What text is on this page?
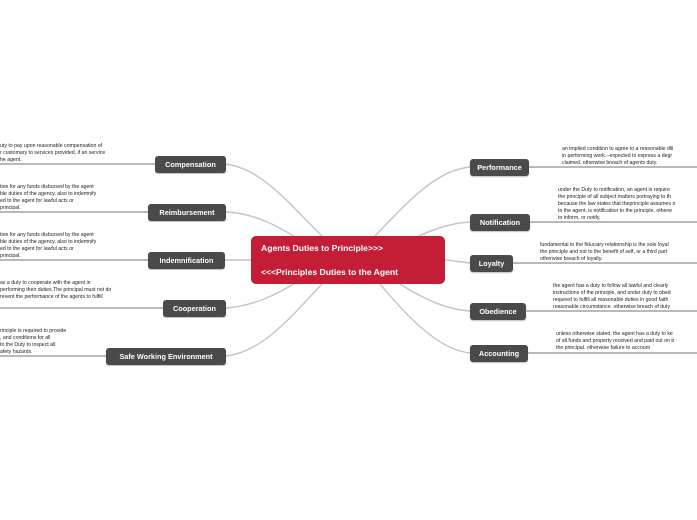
Agents Duties to Principle>>>
<<<Principles Duties to the Agent
Compensation
Reimbursement
Indemnification
Cooperation
Safe Working Environment
uty to pay upon reasonable compensation of
r customary to services provided, if an service
he agent.
tion for any funds disbursed by the agent
ble duties of the agency. also to indemnify
ed to the agent for lawful acts or
principal.
tion for any funds disbursed by the agent
ble duties of the agency. also to indemnify
ed to the agent for lawful acts or
principal.
as a duty to cooperate with the agent in
performing their duties.The principal must not do
revent the performance of the agents to fulfill
rinciple is required to provide
, and conditions for all
to the Duty to inspect all
afety hazards.
Performance
Notification
Loyalty
Obedience
Accounting
an implied condition to agree to a reasonable dili
in performing work.--expected to express a degr
claimed. otherwise breach of agents duty.
under the Duty to notification, an agent is require
the principle of all subject matters portraying to th
because the law states that theprinciple assumes n
to the agent, is notification to the principle. otherw
to inform, or notify,
fundamental to the fiduciary relationship is the sole loyal
the principle and not to the benefit of self, or a third part
otherwise breach of loyalty.
the agent has a duty to follow all lawful and clearly
instructions of the principle, and under duty to obed
required to fulfill all reasonable duties in good faith
reasonable circumstance. otherwise breach of duty
unless otherwise stated, the agent has a duty to ke
of all funds and property received and paid out on b
the principal. otherwise failure to account
